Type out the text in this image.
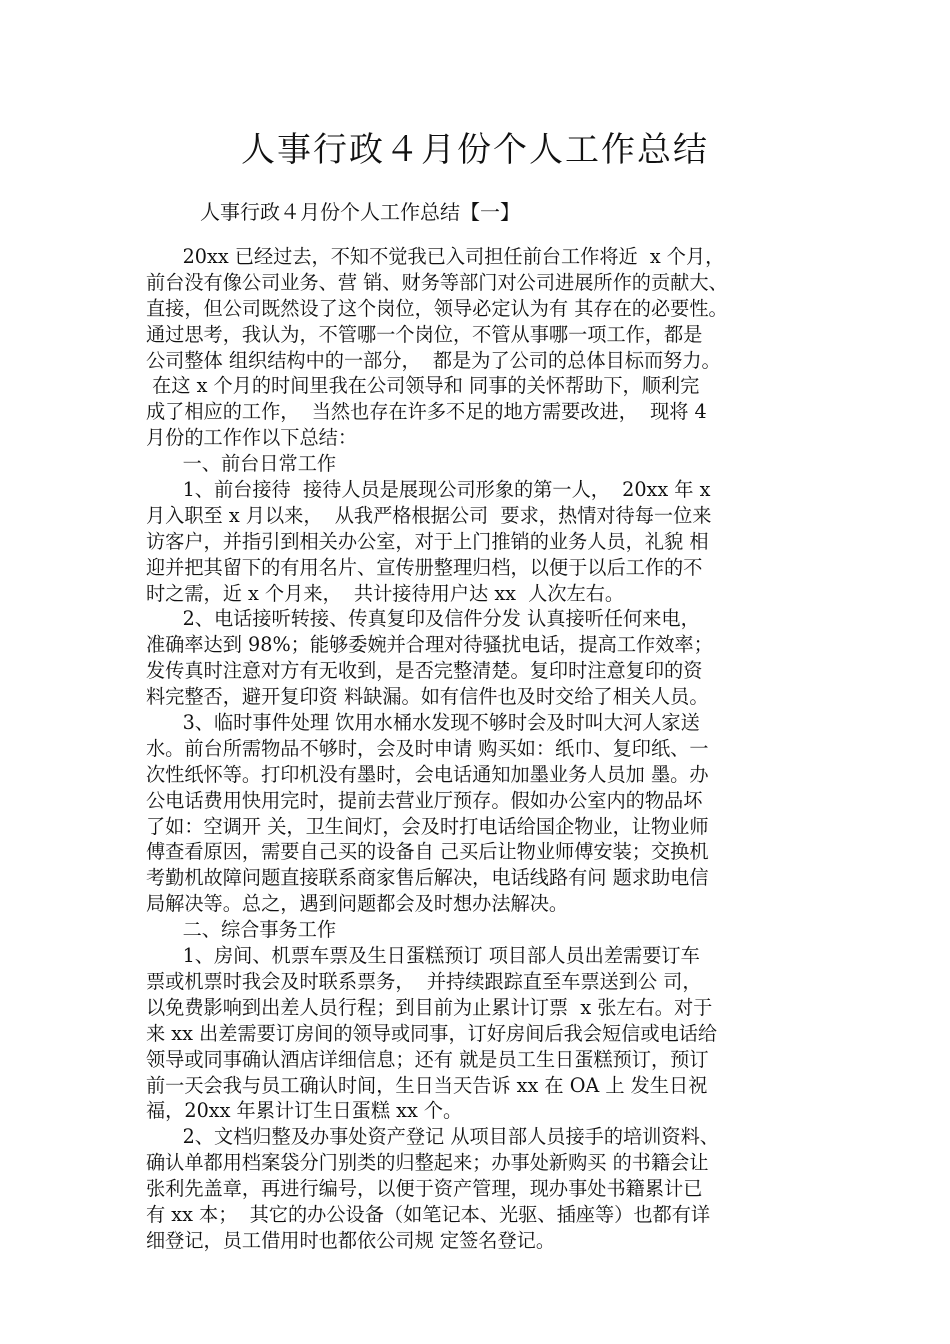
人事行政４月份个人工作总结

人事行政４月份个人工作总结【一】

20xx 已经过去，不知不觉我已入司担任前台工作将近  x 个月，
前台没有像公司业务、营 销、财务等部门对公司进展所作的贡献大、
直接，但公司既然设了这个岗位，领导必定认为有 其存在的必要性。
通过思考，我认为，不管哪一个岗位，不管从事哪一项工作，都是
公司整体 组织结构中的一部分，  都是为了公司的总体目标而努力。
在这 x 个月的时间里我在公司领导和 同事的关怀帮助下，顺利完
成了相应的工作，  当然也存在许多不足的地方需要改进，  现将 4
月份的工作作以下总结：
一、前台日常工作
1、前台接待  接待人员是展现公司形象的第一人，  20xx 年 x
月入职至 x 月以来，  从我严格根据公司  要求，热情对待每一位来
访客户，并指引到相关办公室，对于上门推销的业务人员，礼貌 相
迎并把其留下的有用名片、宣传册整理归档，以便于以后工作的不
时之需，近 x 个月来，  共计接待用户达 xx  人次左右。
2、电话接听转接、传真复印及信件分发 认真接听任何来电，
准确率达到 98%；能够委婉并合理对待骚扰电话，提高工作效率；
发传真时注意对方有无收到，是否完整清楚。复印时注意复印的资
料完整否，避开复印资 料缺漏。如有信件也及时交给了相关人员。
3、临时事件处理 饮用水桶水发现不够时会及时叫大河人家送
水。前台所需物品不够时，会及时申请 购买如：纸巾、复印纸、一
次性纸怀等。打印机没有墨时，会电话通知加墨业务人员加 墨。办
公电话费用快用完时，提前去营业厅预存。假如办公室内的物品坏
了如：空调开 关，卫生间灯，会及时打电话给国企物业，让物业师
傅查看原因，需要自己买的设备自 己买后让物业师傅安装；交换机
考勤机故障问题直接联系商家售后解决，电话线路有问 题求助电信
局解决等。总之，遇到问题都会及时想办法解决。
二、综合事务工作
1、房间、机票车票及生日蛋糕预订 项目部人员出差需要订车
票或机票时我会及时联系票务，  并持续跟踪直至车票送到公 司，
以免费影响到出差人员行程；到目前为止累计订票  x 张左右。对于
来 xx 出差需要订房间的领导或同事，订好房间后我会短信或电话给
领导或同事确认酒店详细信息；还有 就是员工生日蛋糕预订，预订
前一天会我与员工确认时间，生日当天告诉 xx 在 OA 上 发生日祝
福，20xx 年累计订生日蛋糕 xx 个。
2、文档归整及办事处资产登记 从项目部人员接手的培训资料、
确认单都用档案袋分门别类的归整起来；办事处新购买 的书籍会让
张利先盖章，再进行编号，以便于资产管理，现办事处书籍累计已
有 xx 本；  其它的办公设备（如笔记本、光驱、插座等）也都有详
细登记，员工借用时也都依公司规 定签名登记。
